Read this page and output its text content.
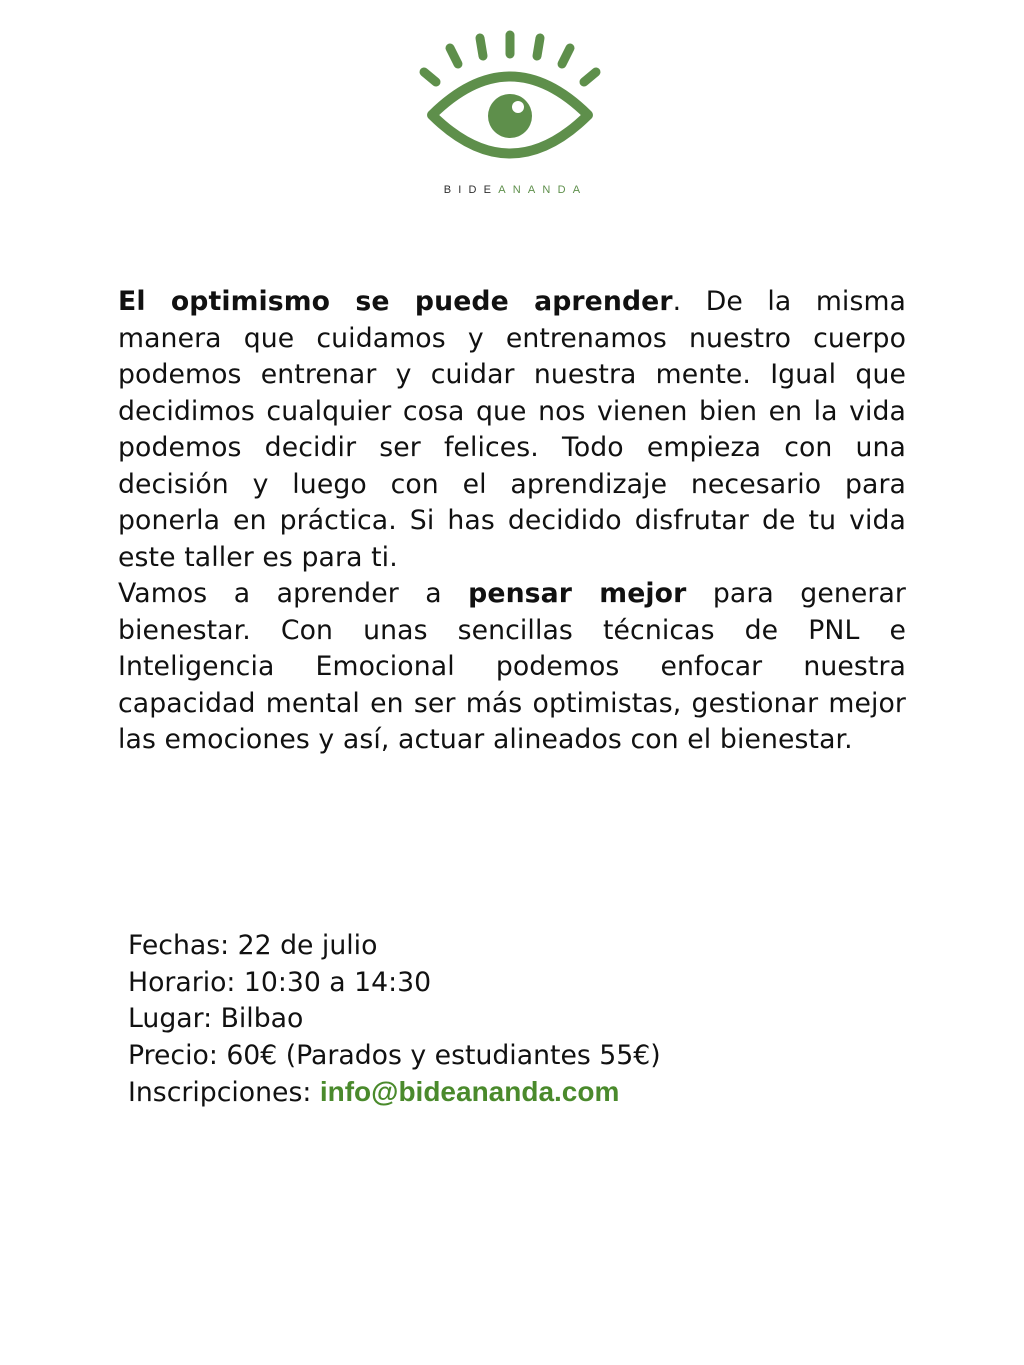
BIDEANANDA

El optimismo se puede aprender. De la misma manera que cuidamos y entrenamos nuestro cuerpo podemos entrenar y cuidar nuestra mente. Igual que decidimos cualquier cosa que nos vienen bien en la vida podemos decidir ser felices. Todo empieza con una decisión y luego con el aprendizaje necesario para ponerla en práctica. Si has decidido disfrutar de tu vida este taller es para ti.

Vamos a aprender a pensar mejor para generar bienestar. Con unas sencillas técnicas de PNL e Inteligencia Emocional podemos enfocar nuestra capacidad mental en ser más optimistas, gestionar mejor las emociones y así, actuar alineados con el bienestar.

Fechas: 22 de julio
Horario: 10:30 a 14:30
Lugar: Bilbao
Precio: 60€ (Parados y estudiantes 55€)
Inscripciones: info@bideananda.com
